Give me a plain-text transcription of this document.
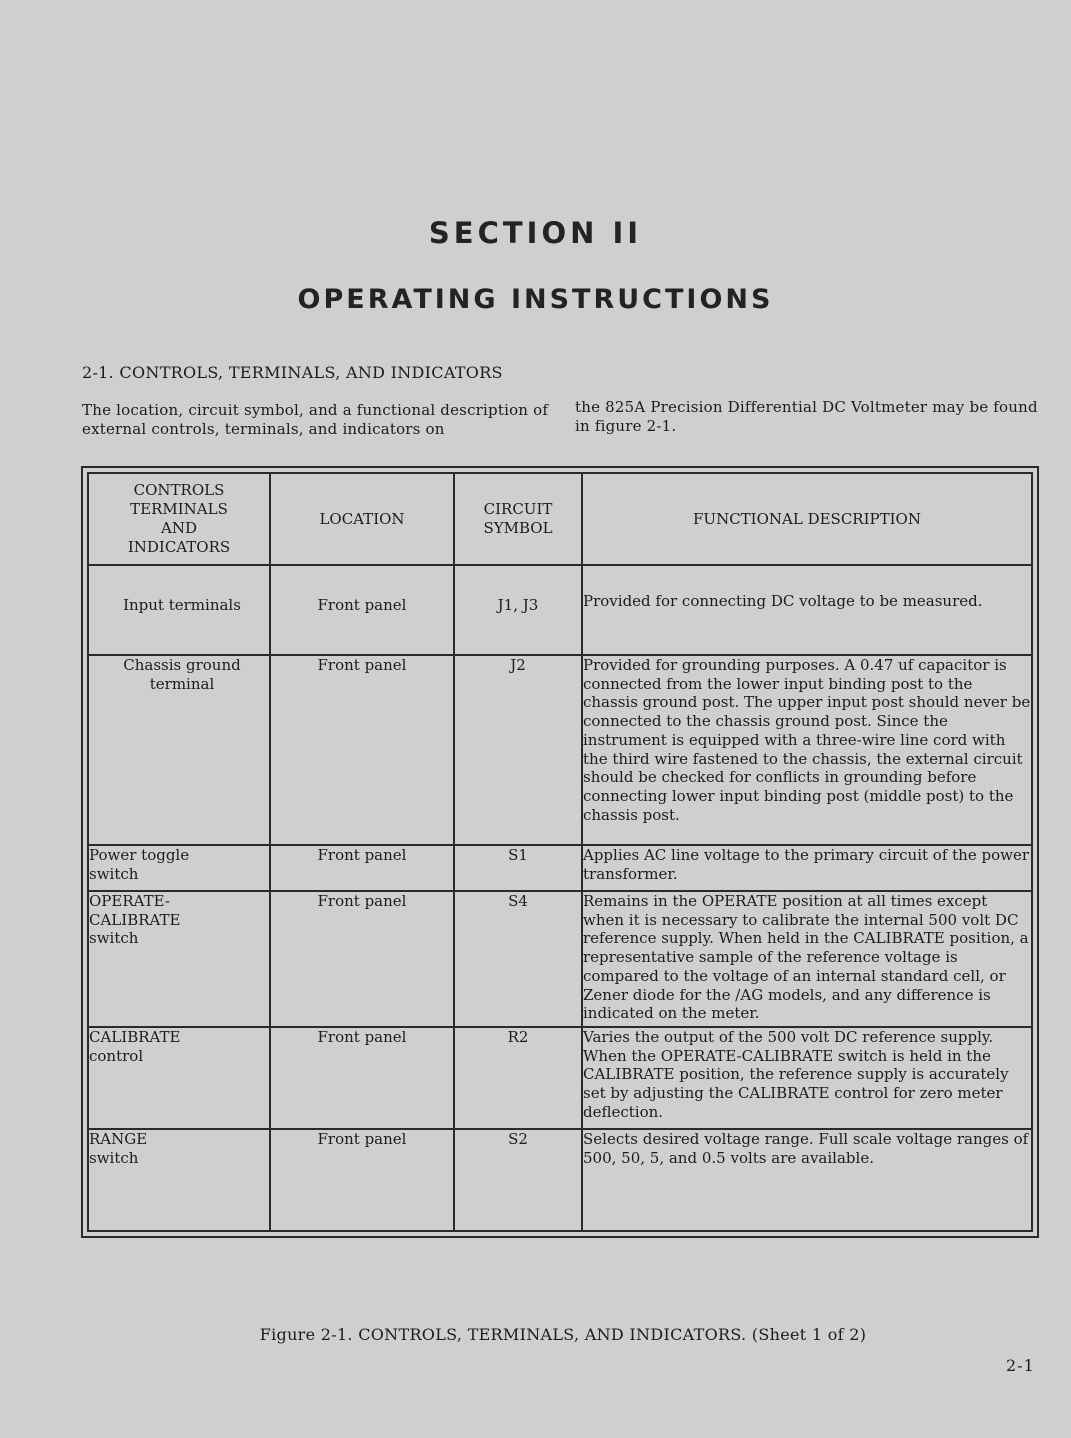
SECTION II
OPERATING INSTRUCTIONS
2-1. CONTROLS, TERMINALS, AND INDICATORS
The location, circuit symbol, and a functional description of external controls, terminals, and indicators on
the 825A Precision Differential DC Voltmeter may be found in figure 2-1.
CONTROLS TERMINALS AND INDICATORS	LOCATION	CIRCUIT SYMBOL	FUNCTIONAL DESCRIPTION
Input terminals	Front panel	J1, J3	Provided for connecting DC voltage to be measured.
Chassis ground terminal	Front panel	J2	Provided for grounding purposes. A 0.47 uf capacitor is connected from the lower input binding post to the chassis ground post. The upper input post should never be connected to the chassis ground post. Since the instrument is equipped with a three-wire line cord with the third wire fastened to the chassis, the external circuit should be checked for conflicts in grounding before connecting lower input binding post (middle post) to the chassis post.
Power toggle switch	Front panel	S1	Applies AC line voltage to the primary circuit of the power transformer.
OPERATE-CALIBRATE switch	Front panel	S4	Remains in the OPERATE position at all times except when it is necessary to calibrate the internal 500 volt DC reference supply. When held in the CALIBRATE position, a representative sample of the reference voltage is compared to the voltage of an internal standard cell, or Zener diode for the /AG models, and any difference is indicated on the meter.
CALIBRATE control	Front panel	R2	Varies the output of the 500 volt DC reference supply. When the OPERATE-CALIBRATE switch is held in the CALIBRATE position, the reference supply is accurately set by adjusting the CALIBRATE control for zero meter deflection.
RANGE switch	Front panel	S2	Selects desired voltage range. Full scale voltage ranges of 500, 50, 5, and 0.5 volts are available.
Figure 2-1. CONTROLS, TERMINALS, AND INDICATORS. (Sheet 1 of 2)
2-1
